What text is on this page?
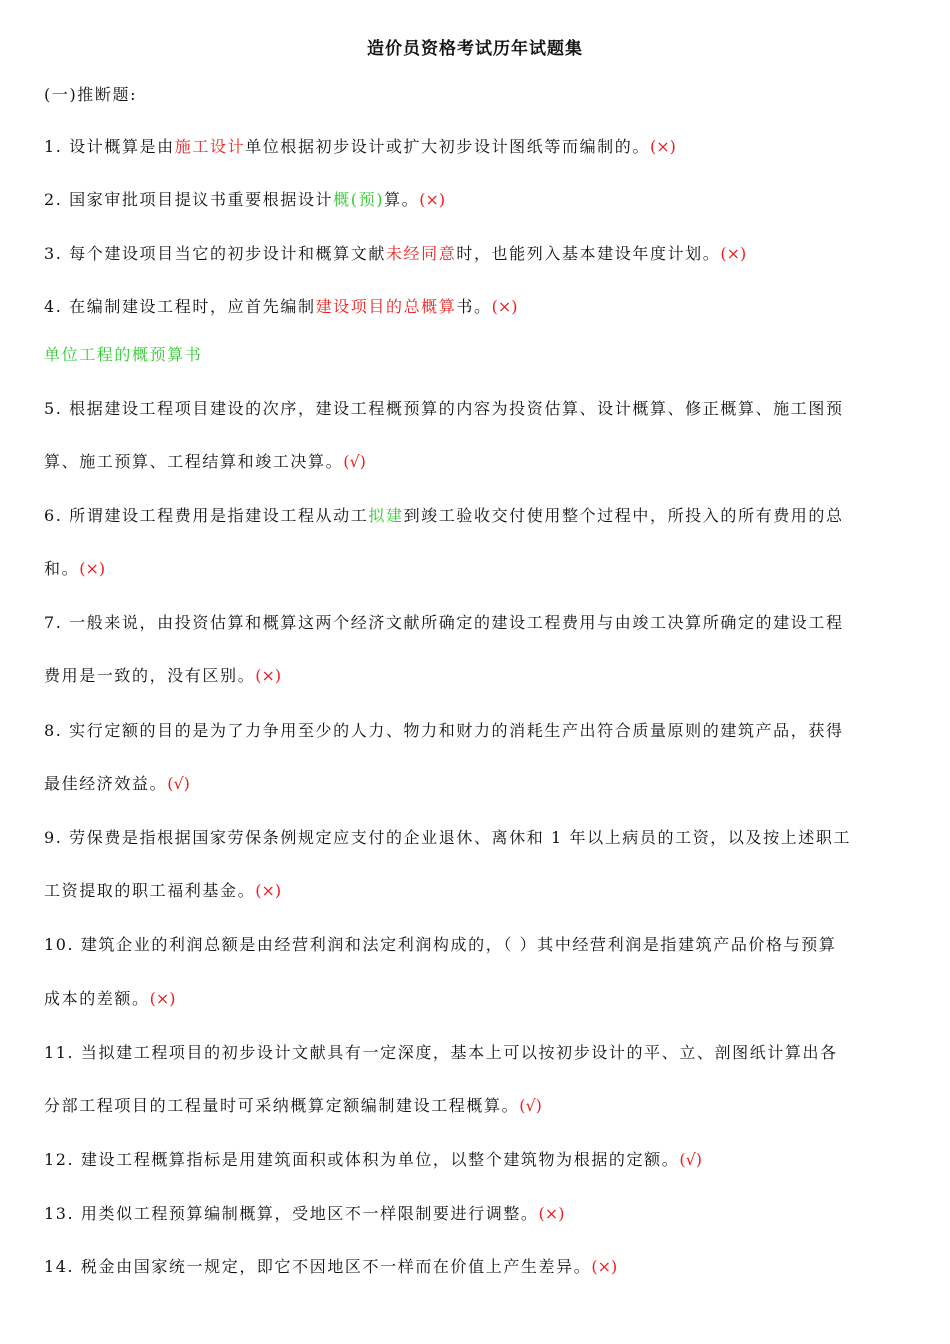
造价员资格考试历年试题集
(一)推断题:
1. 设计概算是由施工设计单位根据初步设计或扩大初步设计图纸等而编制的。(×)
2. 国家审批项目提议书重要根据设计概(预)算。(×)
3. 每个建设项目当它的初步设计和概算文献未经同意时，也能列入基本建设年度计划。(×)
4. 在编制建设工程时，应首先编制建设项目的总概算书。(×)
单位工程的概预算书
5. 根据建设工程项目建设的次序，建设工程概预算的内容为投资估算、设计概算、修正概算、施工图预
算、施工预算、工程结算和竣工决算。(√)
6. 所谓建设工程费用是指建设工程从动工拟建到竣工验收交付使用整个过程中，所投入的所有费用的总
和。(×)
7. 一般来说，由投资估算和概算这两个经济文献所确定的建设工程费用与由竣工决算所确定的建设工程
费用是一致的，没有区别。(×)
8. 实行定额的目的是为了力争用至少的人力、物力和财力的消耗生产出符合质量原则的建筑产品，获得
最佳经济效益。(√)
9. 劳保费是指根据国家劳保条例规定应支付的企业退休、离休和 1 年以上病员的工资，以及按上述职工
工资提取的职工福利基金。(×)
10. 建筑企业的利润总额是由经营利润和法定利润构成的，（ ）其中经营利润是指建筑产品价格与预算
成本的差额。(×)
11. 当拟建工程项目的初步设计文献具有一定深度，基本上可以按初步设计的平、立、剖图纸计算出各
分部工程项目的工程量时可采纳概算定额编制建设工程概算。(√)
12. 建设工程概算指标是用建筑面积或体积为单位，以整个建筑物为根据的定额。(√)
13. 用类似工程预算编制概算，受地区不一样限制要进行调整。(×)
14. 税金由国家统一规定，即它不因地区不一样而在价值上产生差异。(×)
